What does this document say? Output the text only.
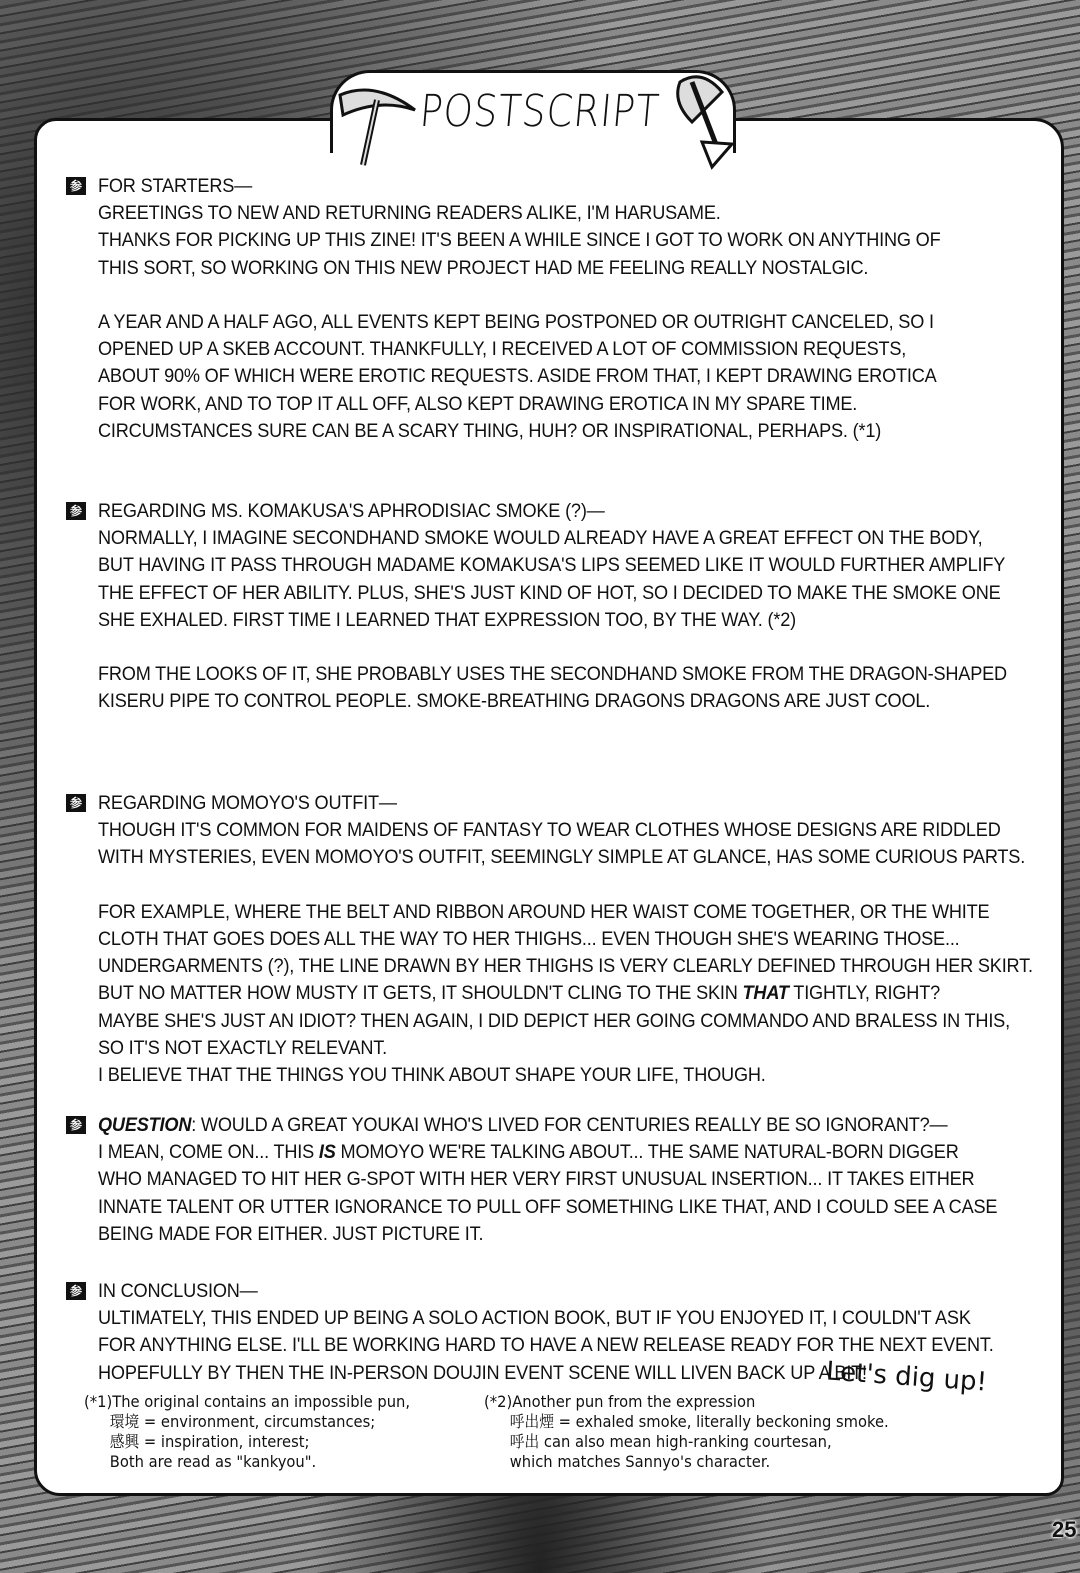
POSTSCRIPT
参 FOR STARTERS—
GREETINGS TO NEW AND RETURNING READERS ALIKE, I'M HARUSAME.
THANKS FOR PICKING UP THIS ZINE! IT'S BEEN A WHILE SINCE I GOT TO WORK ON ANYTHING OF
THIS SORT, SO WORKING ON THIS NEW PROJECT HAD ME FEELING REALLY NOSTALGIC.
A YEAR AND A HALF AGO, ALL EVENTS KEPT BEING POSTPONED OR OUTRIGHT CANCELED, SO I
OPENED UP A SKEB ACCOUNT. THANKFULLY, I RECEIVED A LOT OF COMMISSION REQUESTS,
ABOUT 90% OF WHICH WERE EROTIC REQUESTS. ASIDE FROM THAT, I KEPT DRAWING EROTICA
FOR WORK, AND TO TOP IT ALL OFF, ALSO KEPT DRAWING EROTICA IN MY SPARE TIME.
CIRCUMSTANCES SURE CAN BE A SCARY THING, HUH? OR INSPIRATIONAL, PERHAPS. (*1)
参 REGARDING MS. KOMAKUSA'S APHRODISIAC SMOKE (?)—
NORMALLY, I IMAGINE SECONDHAND SMOKE WOULD ALREADY HAVE A GREAT EFFECT ON THE BODY,
BUT HAVING IT PASS THROUGH MADAME KOMAKUSA'S LIPS SEEMED LIKE IT WOULD FURTHER AMPLIFY
THE EFFECT OF HER ABILITY. PLUS, SHE'S JUST KIND OF HOT, SO I DECIDED TO MAKE THE SMOKE ONE
SHE EXHALED. FIRST TIME I LEARNED THAT EXPRESSION TOO, BY THE WAY. (*2)
FROM THE LOOKS OF IT, SHE PROBABLY USES THE SECONDHAND SMOKE FROM THE DRAGON-SHAPED
KISERU PIPE TO CONTROL PEOPLE. SMOKE-BREATHING DRAGONS DRAGONS ARE JUST COOL.
参 REGARDING MOMOYO'S OUTFIT—
THOUGH IT'S COMMON FOR MAIDENS OF FANTASY TO WEAR CLOTHES WHOSE DESIGNS ARE RIDDLED
WITH MYSTERIES, EVEN MOMOYO'S OUTFIT, SEEMINGLY SIMPLE AT GLANCE, HAS SOME CURIOUS PARTS.
FOR EXAMPLE, WHERE THE BELT AND RIBBON AROUND HER WAIST COME TOGETHER, OR THE WHITE
CLOTH THAT GOES DOES ALL THE WAY TO HER THIGHS... EVEN THOUGH SHE'S WEARING THOSE...
UNDERGARMENTS (?), THE LINE DRAWN BY HER THIGHS IS VERY CLEARLY DEFINED THROUGH HER SKIRT.
BUT NO MATTER HOW MUSTY IT GETS, IT SHOULDN'T CLING TO THE SKIN THAT TIGHTLY, RIGHT?
MAYBE SHE'S JUST AN IDIOT? THEN AGAIN, I DID DEPICT HER GOING COMMANDO AND BRALESS IN THIS,
SO IT'S NOT EXACTLY RELEVANT.
I BELIEVE THAT THE THINGS YOU THINK ABOUT SHAPE YOUR LIFE, THOUGH.
参 QUESTION: WOULD A GREAT YOUKAI WHO'S LIVED FOR CENTURIES REALLY BE SO IGNORANT?—
I MEAN, COME ON... THIS IS MOMOYO WE'RE TALKING ABOUT... THE SAME NATURAL-BORN DIGGER
WHO MANAGED TO HIT HER G-SPOT WITH HER VERY FIRST UNUSUAL INSERTION... IT TAKES EITHER
INNATE TALENT OR UTTER IGNORANCE TO PULL OFF SOMETHING LIKE THAT, AND I COULD SEE A CASE
BEING MADE FOR EITHER. JUST PICTURE IT.
参 IN CONCLUSION—
ULTIMATELY, THIS ENDED UP BEING A SOLO ACTION BOOK, BUT IF YOU ENJOYED IT, I COULDN'T ASK
FOR ANYTHING ELSE. I'LL BE WORKING HARD TO HAVE A NEW RELEASE READY FOR THE NEXT EVENT.
HOPEFULLY BY THEN THE IN-PERSON DOUJIN EVENT SCENE WILL LIVEN BACK UP A BIT!
(*1)The original contains an impossible pun,
環境 = environment, circumstances;
感興 = inspiration, interest;
Both are read as "kankyou".
(*2)Another pun from the expression
呼出煙 = exhaled smoke, literally beckoning smoke.
呼出 can also mean high-ranking courtesan,
which matches Sannyo's character.
Let's dig up!
25
